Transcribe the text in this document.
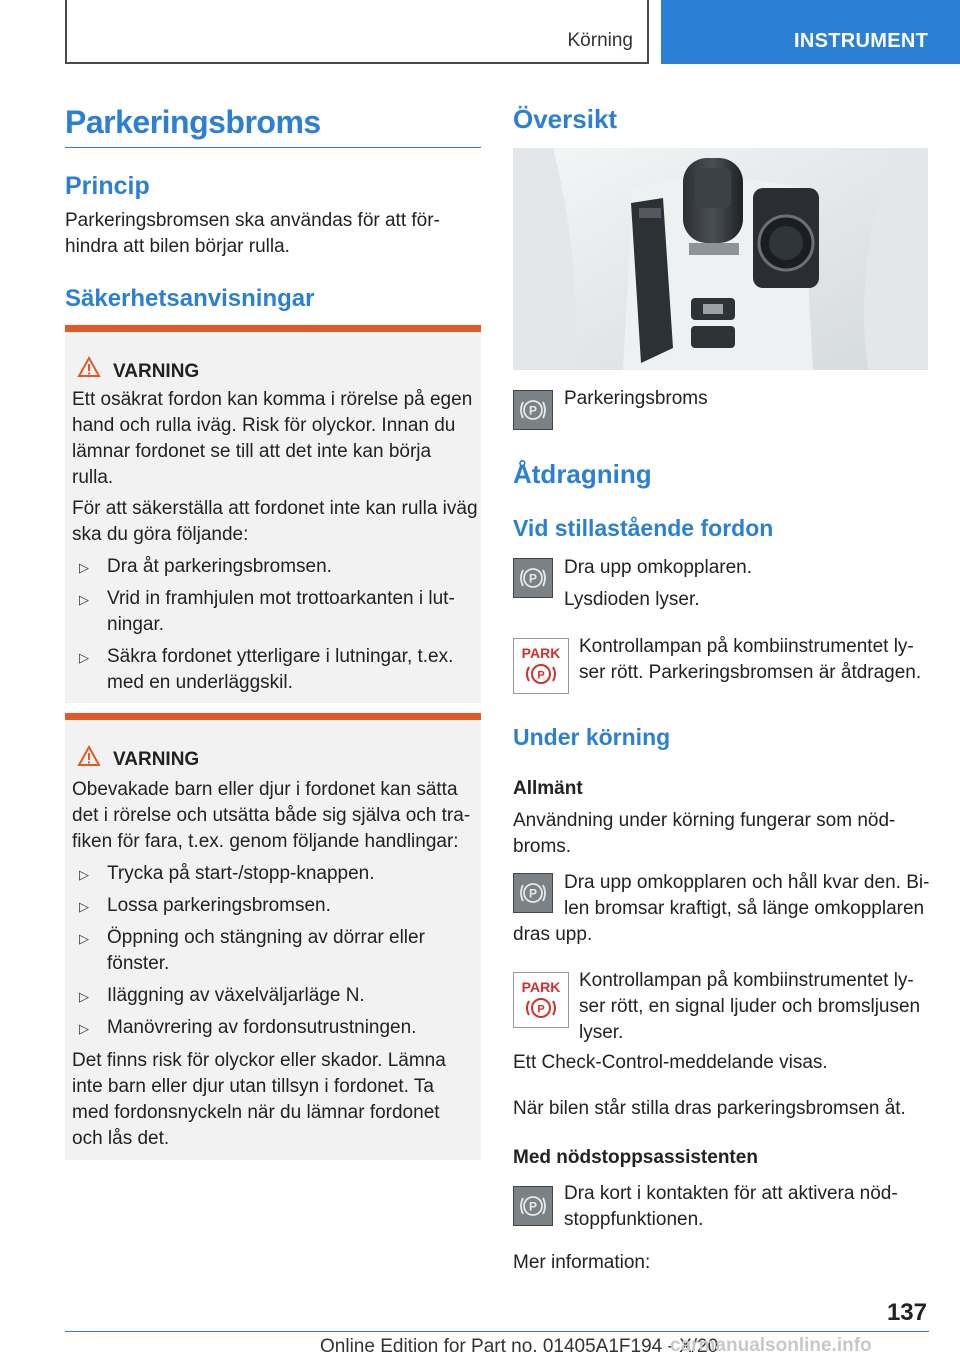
Körning	INSTRUMENT
Parkeringsbroms
Princip
Parkeringsbromsen ska användas för att för-
hindra att bilen börjar rulla.
Säkerhetsanvisningar
VARNING
Ett osäkrat fordon kan komma i rörelse på egen
hand och rulla iväg. Risk för olyckor. Innan du
lämnar fordonet se till att det inte kan börja
rulla.
För att säkerställa att fordonet inte kan rulla iväg
ska du göra följande:
▷ Dra åt parkeringsbromsen.
▷ Vrid in framhjulen mot trottoarkanten i lut-
ningar.
▷ Säkra fordonet ytterligare i lutningar, t.ex.
med en underläggskil.
VARNING
Obevakade barn eller djur i fordonet kan sätta
det i rörelse och utsätta både sig själva och tra-
fiken för fara, t.ex. genom följande handlingar:
▷ Trycka på start-/stopp-knappen.
▷ Lossa parkeringsbromsen.
▷ Öppning och stängning av dörrar eller
fönster.
▷ Iläggning av växelväljarläge N.
▷ Manövrering av fordonsutrustningen.
Det finns risk för olyckor eller skador. Lämna
inte barn eller djur utan tillsyn i fordonet. Ta
med fordonsnyckeln när du lämnar fordonet
och lås det.
Översikt
P
Parkeringsbroms
Åtdragning
Vid stillastående fordon
P
Dra upp omkopplaren.
Lysdioden lyser.
PARK
P
Kontrollampan på kombiinstrumentet ly-
ser rött. Parkeringsbromsen är åtdragen.
Under körning
Allmänt
Användning under körning fungerar som nöd-
broms.
P
Dra upp omkopplaren och håll kvar den. Bi-
len bromsar kraftigt, så länge omkopplaren
dras upp.
PARK
P
Kontrollampan på kombiinstrumentet ly-
ser rött, en signal ljuder och bromsljusen
lyser.
Ett Check-Control-meddelande visas.
När bilen står stilla dras parkeringsbromsen åt.
Med nödstoppsassistenten
P
Dra kort i kontakten för att aktivera nöd-
stoppfunktionen.
Mer information:
137
Online Edition for Part no. 01405A1F194 - X/20
carmanualsonline.info
